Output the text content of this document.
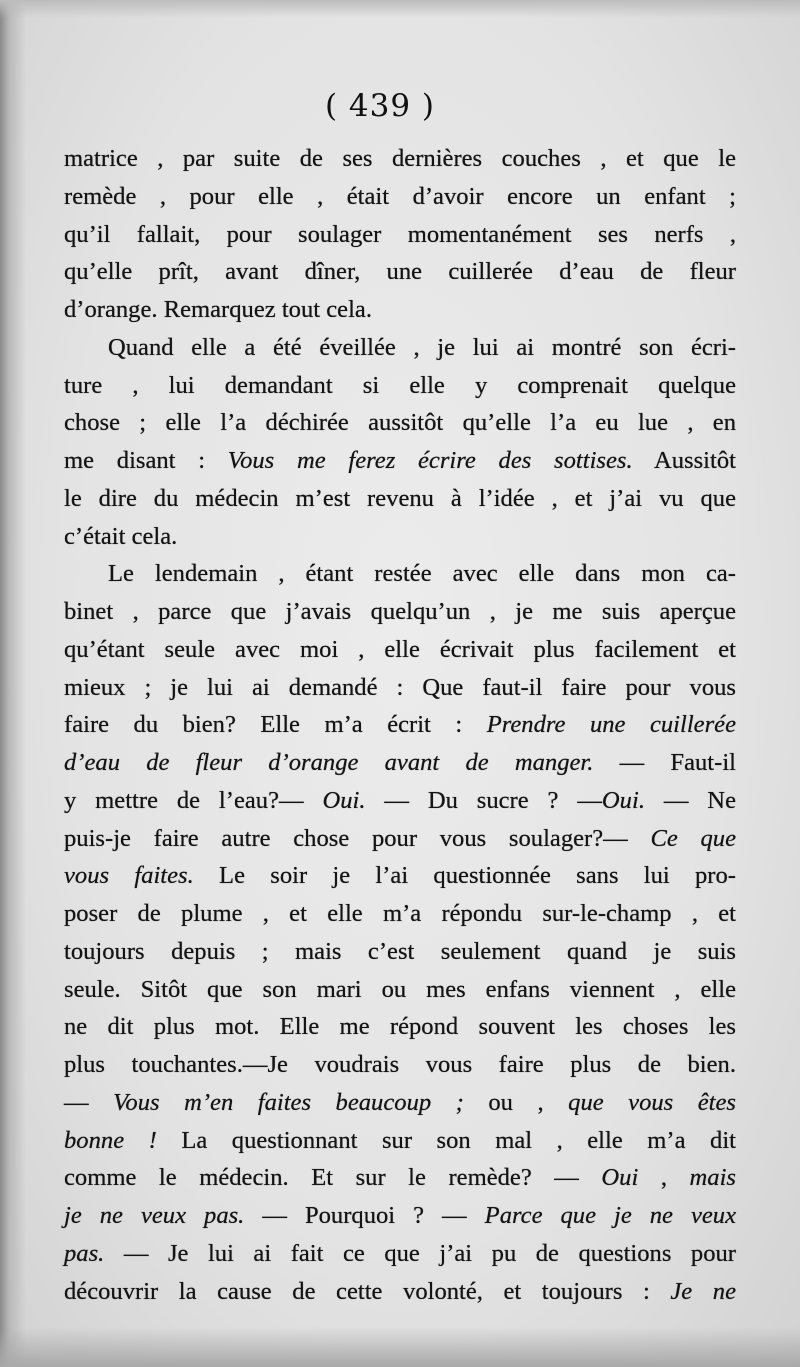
( 439 )
matrice , par suite de ses dernières couches , et que le
remède , pour elle , était d’avoir encore un enfant ;
qu’il fallait, pour soulager momentanément ses nerfs ,
qu’elle prît, avant dîner, une cuillerée d’eau de fleur
d’orange. Remarquez tout cela.
Quand elle a été éveillée , je lui ai montré son écri-
ture , lui demandant si elle y comprenait quelque
chose ; elle l’a déchirée aussitôt qu’elle l’a eu lue , en
me disant : Vous me ferez écrire des sottises. Aussitôt
le dire du médecin m’est revenu à l’idée , et j’ai vu que
c’était cela.
Le lendemain , étant restée avec elle dans mon ca-
binet , parce que j’avais quelqu’un , je me suis aperçue
qu’étant seule avec moi , elle écrivait plus facilement et
mieux ; je lui ai demandé : Que faut-il faire pour vous
faire du bien? Elle m’a écrit : Prendre une cuillerée
d’eau de fleur d’orange avant de manger. — Faut-il
y mettre de l’eau?— Oui. — Du sucre ? —Oui. — Ne
puis-je faire autre chose pour vous soulager?— Ce que
vous faites. Le soir je l’ai questionnée sans lui pro-
poser de plume , et elle m’a répondu sur-le-champ , et
toujours depuis ; mais c’est seulement quand je suis
seule. Sitôt que son mari ou mes enfans viennent , elle
ne dit plus mot. Elle me répond souvent les choses les
plus touchantes.—Je voudrais vous faire plus de bien.
— Vous m’en faites beaucoup ; ou , que vous êtes
bonne ! La questionnant sur son mal , elle m’a dit
comme le médecin. Et sur le remède? — Oui , mais
je ne veux pas. — Pourquoi ? — Parce que je ne veux
pas. — Je lui ai fait ce que j’ai pu de questions pour
découvrir la cause de cette volonté, et toujours : Je ne
